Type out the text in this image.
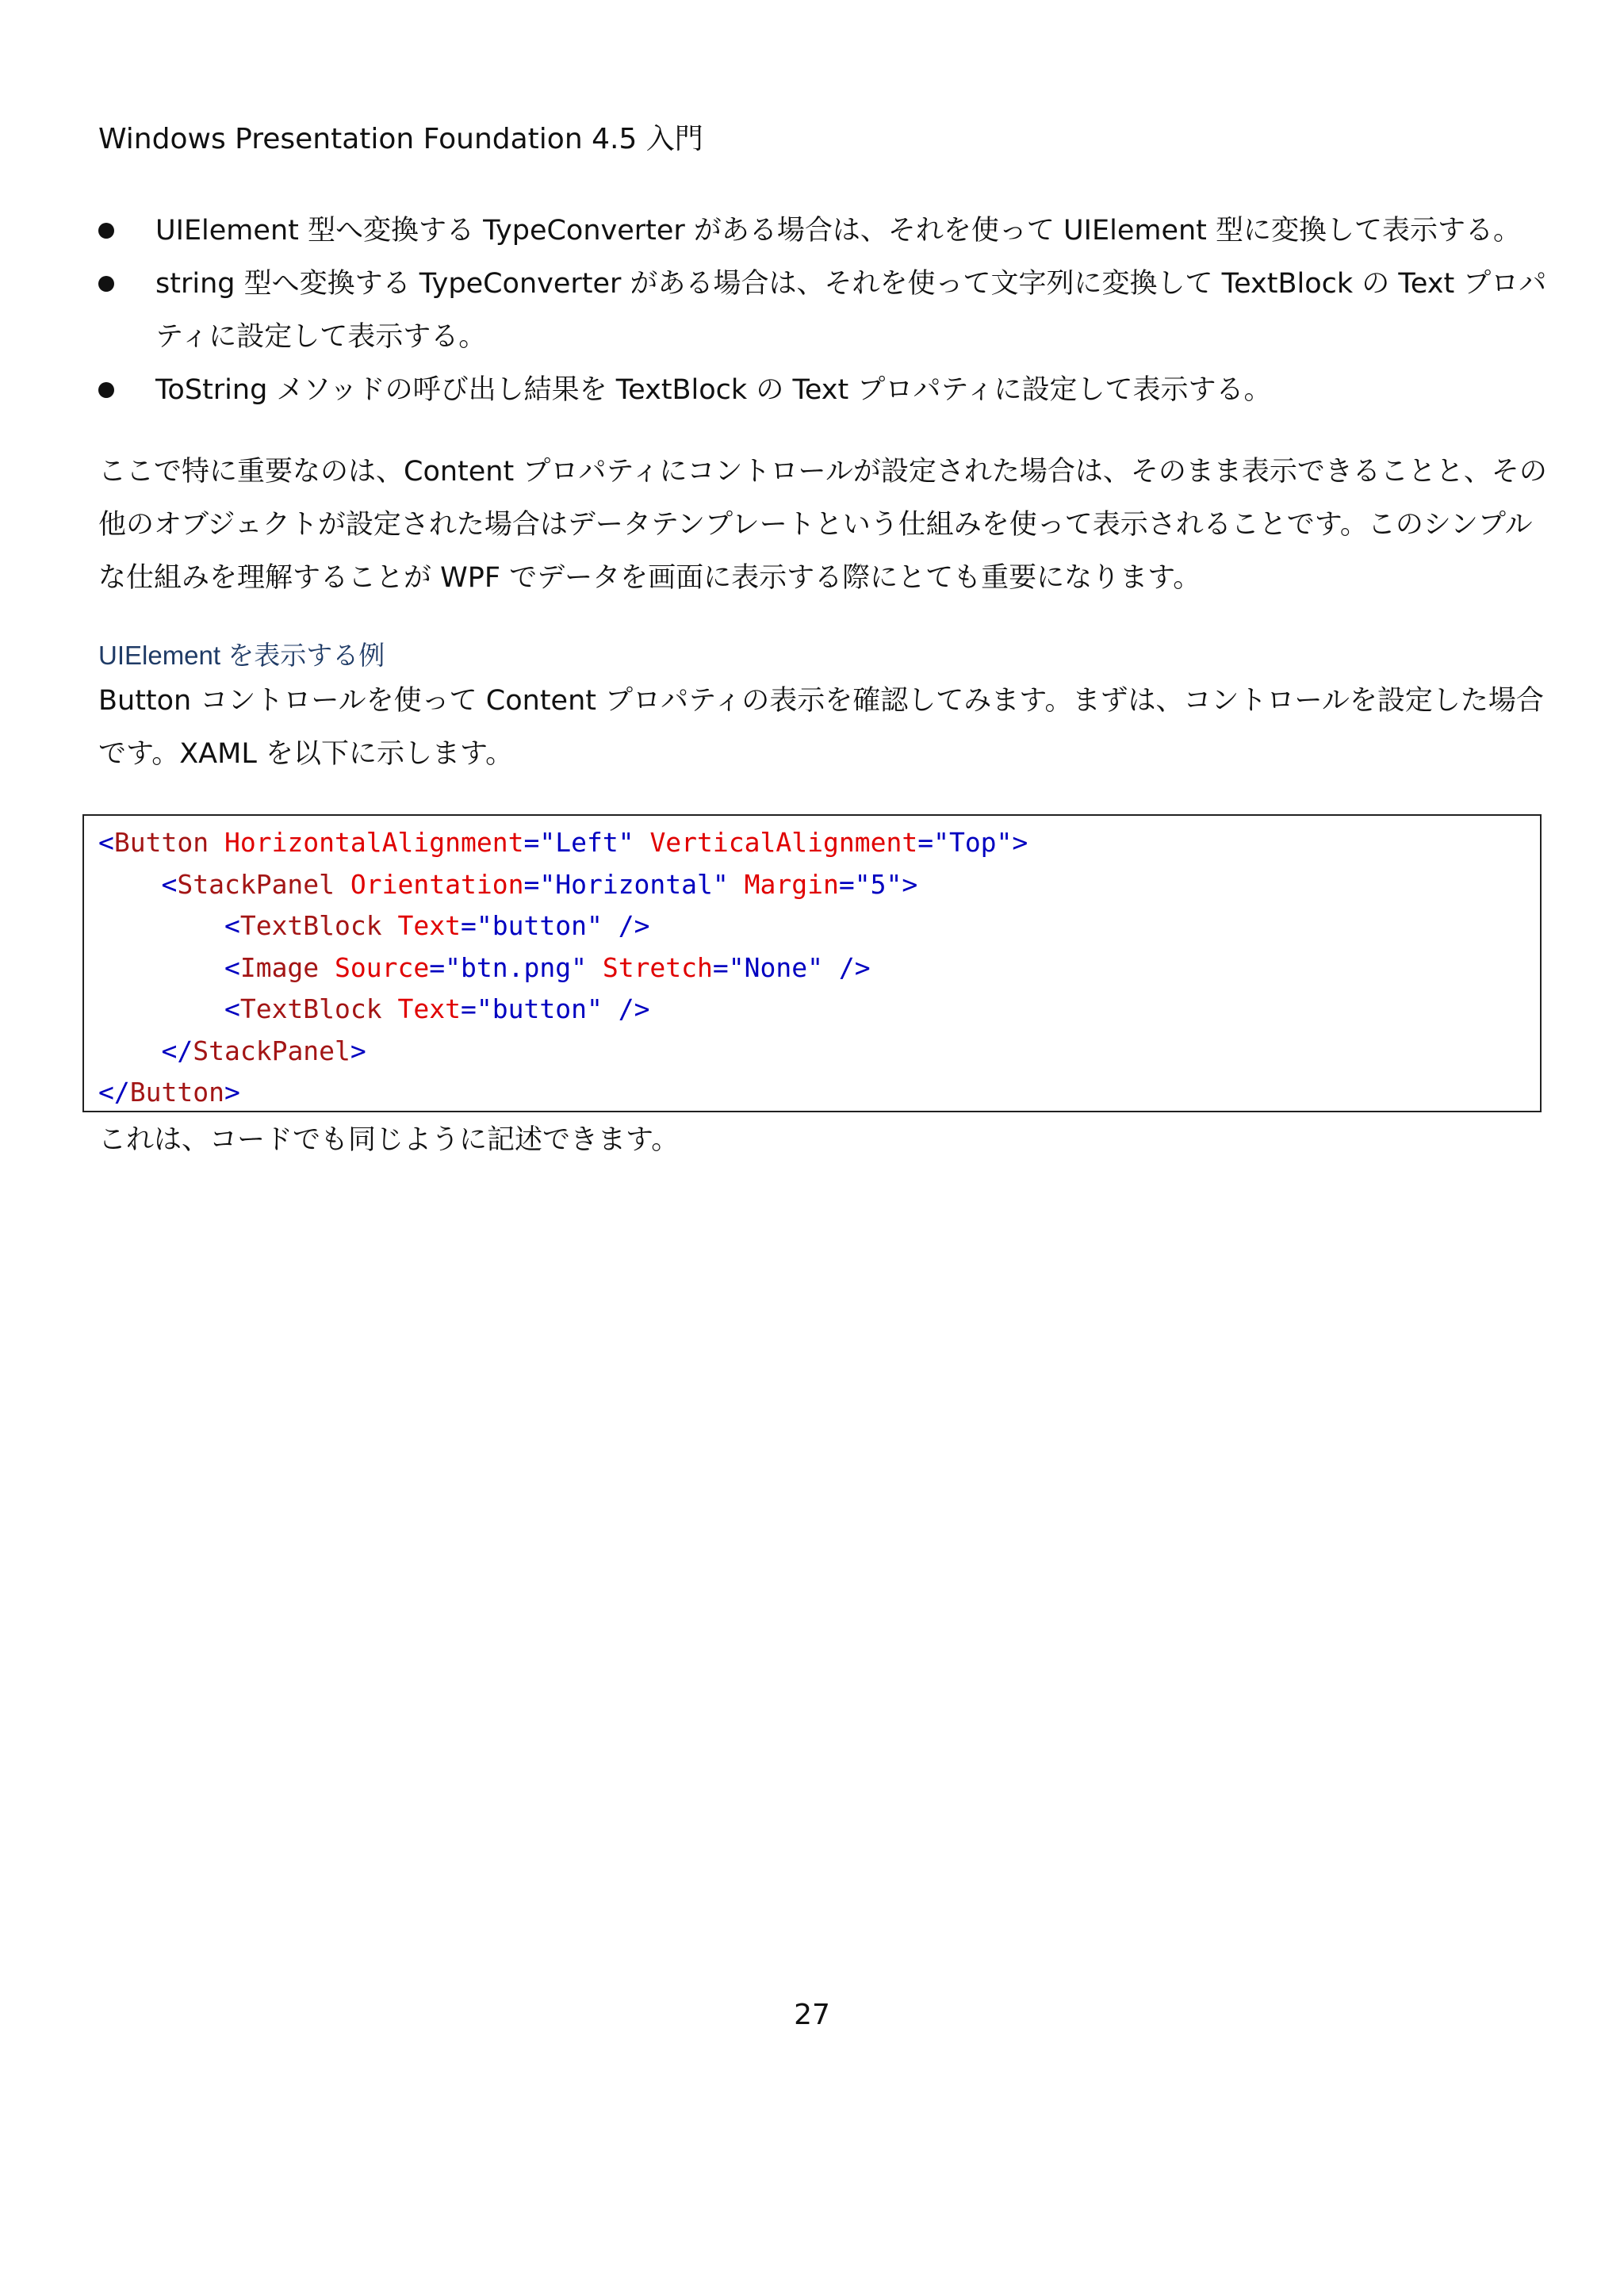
Windows Presentation Foundation 4.5 入門
UIElement 型へ変換する TypeConverter がある場合は、それを使って UIElement 型に変換して表示する。
string 型へ変換する TypeConverter がある場合は、それを使って文字列に変換して TextBlock の Text プロパ
ティに設定して表示する。
ToString メソッドの呼び出し結果を TextBlock の Text プロパティに設定して表示する。
ここで特に重要なのは、Content プロパティにコントロールが設定された場合は、そのまま表示できることと、その
他のオブジェクトが設定された場合はデータテンプレートという仕組みを使って表示されることです。このシンプル
な仕組みを理解することが WPF でデータを画面に表示する際にとても重要になります。
UIElement を表示する例
Button コントロールを使って Content プロパティの表示を確認してみます。まずは、コントロールを設定した場合
です。XAML を以下に示します。
<Button HorizontalAlignment="Left" VerticalAlignment="Top">
<StackPanel Orientation="Horizontal" Margin="5">
<TextBlock Text="button" />
<Image Source="btn.png" Stretch="None" />
<TextBlock Text="button" />
</StackPanel>
</Button>
これは、コードでも同じように記述できます。
27
